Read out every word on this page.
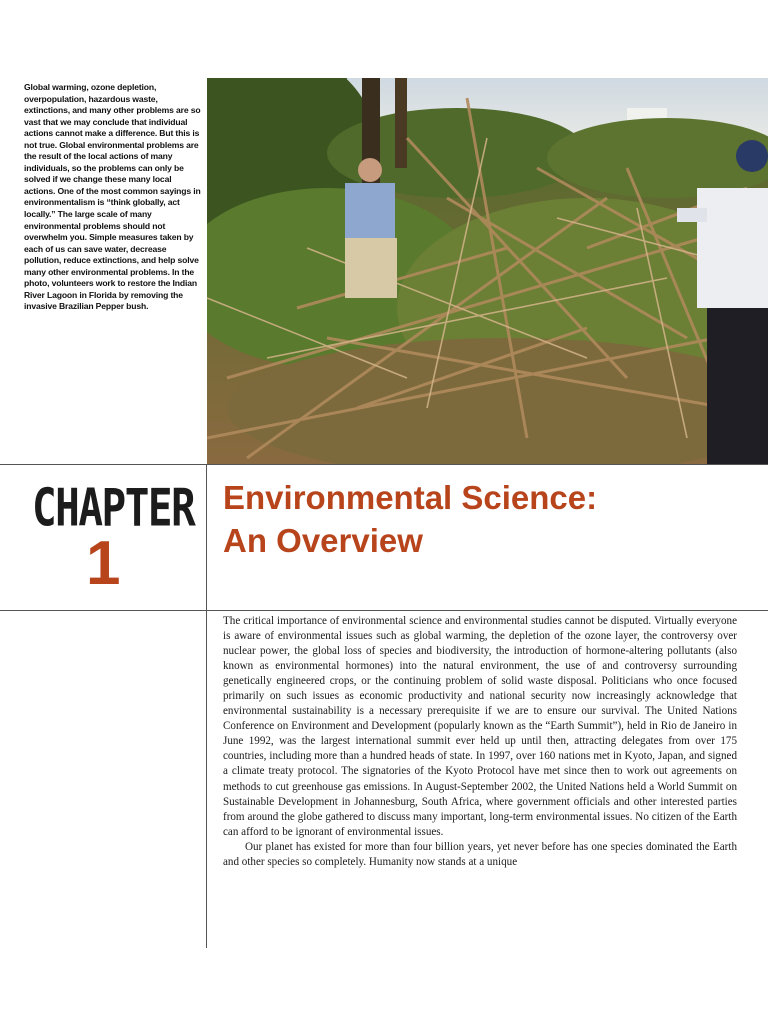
Global warming, ozone depletion, overpopulation, hazardous waste, extinctions, and many other problems are so vast that we may conclude that individual actions cannot make a difference. But this is not true. Global environmental problems are the result of the local actions of many individuals, so the problems can only be solved if we change these many local actions. One of the most common sayings in environmentalism is “think globally, act locally.” The large scale of many environmental problems should not overwhelm you. Simple measures taken by each of us can save water, decrease pollution, reduce extinctions, and help solve many other environmental problems. In the photo, volunteers work to restore the Indian River Lagoon in Florida by removing the invasive Brazilian Pepper bush.
CHAPTER
1
Environmental Science:
An Overview

The critical importance of environmental science and environmental studies cannot be disputed. Virtually everyone is aware of environmental issues such as global warming, the depletion of the ozone layer, the controversy over nuclear power, the global loss of species and biodiversity, the introduction of hormone-altering pollutants (also known as environmental hormones) into the natural environment, the use of and controversy surrounding genetically engineered crops, or the continuing problem of solid waste disposal. Politicians who once focused primarily on such issues as economic productivity and national security now increasingly acknowledge that environmental sustainability is a necessary prerequisite if we are to ensure our survival. The United Nations Conference on Environment and Development (popularly known as the “Earth Summit”), held in Rio de Janeiro in June 1992, was the largest international summit ever held up until then, attracting delegates from over 175 countries, including more than a hundred heads of state. In 1997, over 160 nations met in Kyoto, Japan, and signed a climate treaty protocol. The signatories of the Kyoto Protocol have met since then to work out agreements on methods to cut greenhouse gas emissions. In August-September 2002, the United Nations held a World Summit on Sustainable Development in Johannesburg, South Africa, where government officials and other interested parties from around the globe gathered to discuss many important, long-term environmental issues. No citizen of the Earth can afford to be ignorant of environmental issues.

Our planet has existed for more than four billion years, yet never before has one species dominated the Earth and other species so completely. Humanity now stands at a unique
